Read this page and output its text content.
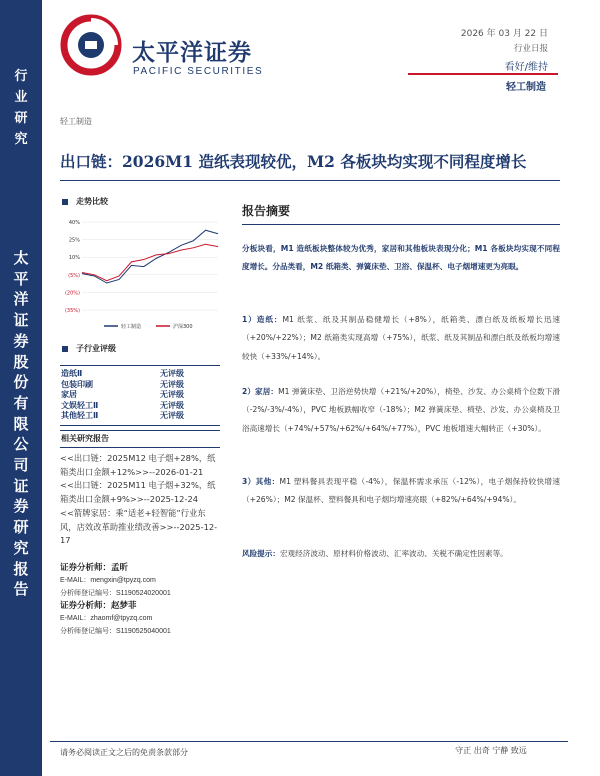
行
业
研
究
太
平
洋
证
券
股
份
有
限
公
司
证
券
研
究
报
告
太平洋证券
PACIFIC SECURITIES
2026 年 03 月 22 日
行业日报
看好/维持
轻工制造
轻工制造
出口链：2026M1 造纸表现较优，M2 各板块均实现不同程度增长
走势比较
40%
25%
10%
(5%)
(20%)
(35%)
轻工制造	沪深300
子行业评级
造纸Ⅱ	无评级
包装印刷	无评级
家居	无评级
文娱轻工Ⅱ	无评级
其他轻工Ⅱ	无评级
相关研究报告

<<出口链：2025M12 电子烟+28%，纸箱类出口金额+12%>>--2026-01-21

<<出口链：2025M11 电子烟+32%，纸箱类出口金额+9%>>--2025-12-24

<<箭牌家居：乘“适老+轻智能”行业东风，店效改革助推业绩改善>>--2025-12-17

证券分析师：孟昕
E-MAIL：mengxin@tpyzq.com
分析师登记编号：S1190524020001
证券分析师：赵梦菲
E-MAIL：zhaomf@tpyzq.com
分析师登记编号：S1190525040001
报告摘要
分板块看，M1 造纸板块整体较为优秀，家居和其他板块表现分化；M1 各板块均实现不同程度增长。分品类看，M2 纸箱类、弹簧床垫、卫浴、保温杯、电子烟增速更为亮眼。
1）造纸：M1 纸浆、纸及其制品稳健增长（+8%），纸箱类、漂白纸及纸板增长迅速（+20%/+22%）；M2 纸箱类实现高增（+75%），纸浆、纸及其制品和漂白纸及纸板均增速较快（+33%/+14%）。
2）家居：M1 弹簧床垫、卫浴逆势快增（+21%/+20%），椅垫、沙发、办公桌椅个位数下滑（-2%/-3%/-4%），PVC 地板跌幅收窄（-18%）；M2 弹簧床垫、椅垫、沙发、办公桌椅及卫浴高速增长（+74%/+57%/+62%/+64%/+77%），PVC 地板增速大幅转正（+30%）。
3）其他：M1 塑料餐具表现平稳（-4%），保温杯需求承压（-12%），电子烟保持较快增速（+26%）；M2 保温杯、塑料餐具和电子烟均增速亮眼（+82%/+64%/+94%）。
风险提示：宏观经济波动、原材料价格波动、汇率波动、关税不确定性因素等。
请务必阅读正文之后的免责条款部分	守正 出奇 宁静 致远
